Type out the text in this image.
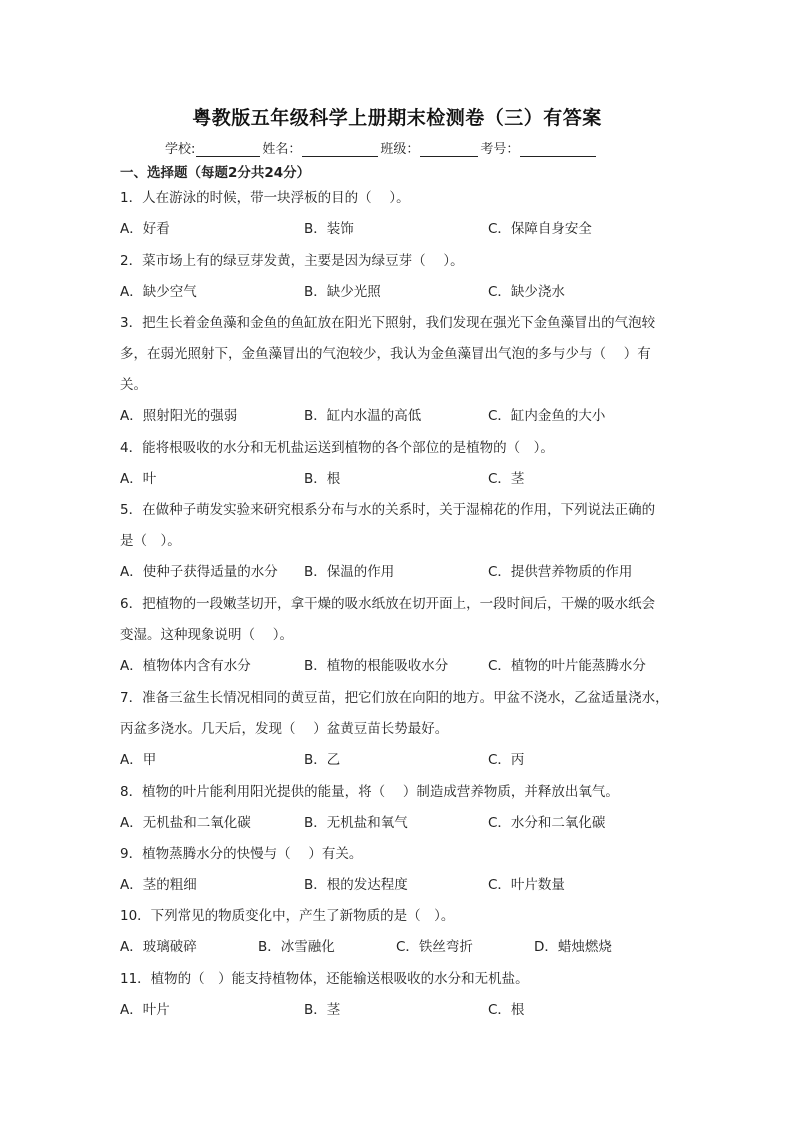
粤教版五年级科学上册期末检测卷（三）有答案
学校:	姓名：	班级：	考号：
一、选择题（每题2分共24分）
1．人在游泳的时候，带一块浮板的目的（　 ）。
A．好看	B．装饰	C．保障自身安全
2．菜市场上有的绿豆芽发黄，主要是因为绿豆芽（　 ）。
A．缺少空气	B．缺少光照	C．缺少浇水
3．把生长着金鱼藻和金鱼的鱼缸放在阳光下照射，我们发现在强光下金鱼藻冒出的气泡较
多，在弱光照射下，金鱼藻冒出的气泡较少，我认为金鱼藻冒出气泡的多与少与（　 ）有
关。
A．照射阳光的强弱	B．缸内水温的高低	C．缸内金鱼的大小
4．能将根吸收的水分和无机盐运送到植物的各个部位的是植物的（　）。
A．叶	B．根	C．茎
5．在做种子萌发实验来研究根系分布与水的关系时，关于湿棉花的作用，下列说法正确的
是（　）。
A．使种子获得适量的水分 B．保温的作用	C．提供营养物质的作用
6．把植物的一段嫩茎切开，拿干燥的吸水纸放在切开面上，一段时间后，干燥的吸水纸会
变湿。这种现象说明（　 ）。
A．植物体内含有水分	B．植物的根能吸收水分	C．植物的叶片能蒸腾水分
7．准备三盆生长情况相同的黄豆苗，把它们放在向阳的地方。甲盆不浇水，乙盆适量浇水，
丙盆多浇水。几天后，发现（　 ）盆黄豆苗长势最好。
A．甲	B．乙	C．丙
8．植物的叶片能利用阳光提供的能量，将（　 ）制造成营养物质，并释放出氧气。
A．无机盐和二氧化碳	B．无机盐和氧气	C．水分和二氧化碳
9．植物蒸腾水分的快慢与（　 ）有关。
A．茎的粗细	B．根的发达程度	C．叶片数量
10．下列常见的物质变化中，产生了新物质的是（　）。
A．玻璃破碎	B．冰雪融化	C．铁丝弯折	D．蜡烛燃烧
11．植物的（　）能支持植物体，还能输送根吸收的水分和无机盐。
A．叶片	B．茎	C．根
